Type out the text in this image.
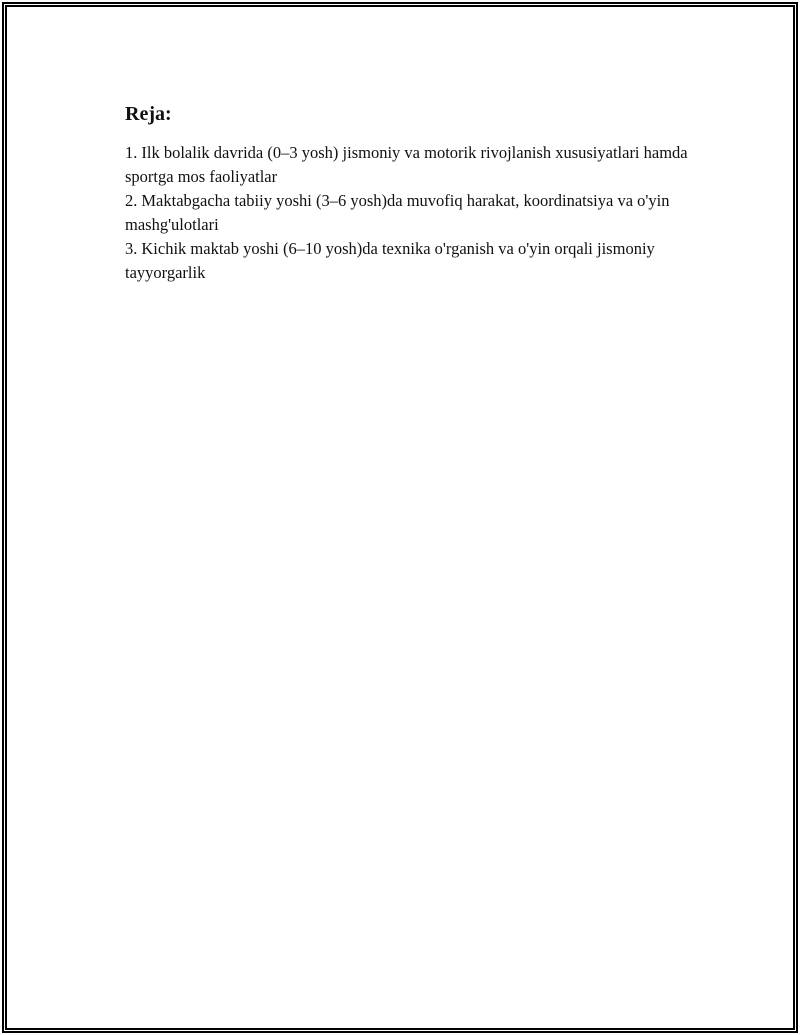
Reja:
1. Ilk bolalik davrida (0–3 yosh) jismoniy va motorik rivojlanish xususiyatlari hamda sportga mos faoliyatlar
2. Maktabgacha tabiiy yoshi (3–6 yosh)da muvofiq harakat, koordinatsiya va o'yin mashg'ulotlari
3. Kichik maktab yoshi (6–10 yosh)da texnika o'rganish va o'yin orqali jismoniy tayyorgarlik
